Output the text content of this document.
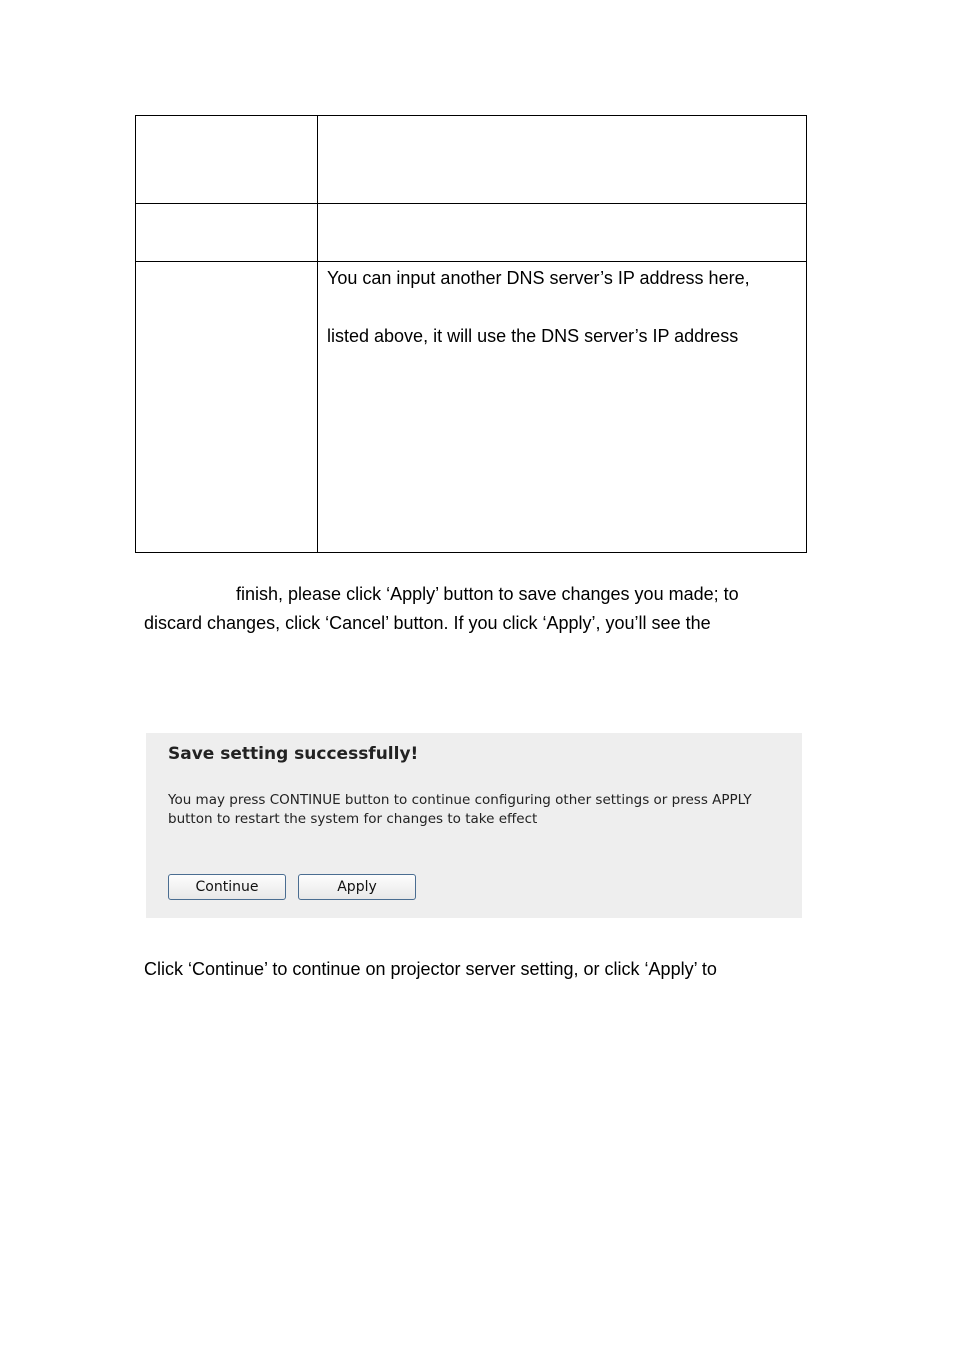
	You can input another DNS server’s IP address here,
listed above, it will use the DNS server’s IP address
finish, please click ‘Apply’ button to save changes you made; to
discard changes, click ‘Cancel’ button. If you click ‘Apply’, you’ll see the
Save setting successfully!
You may press CONTINUE button to continue configuring other settings or press APPLY
button to restart the system for changes to take effect
Continue	Apply
Click ‘Continue’ to continue on projector server setting, or click ‘Apply’ to
